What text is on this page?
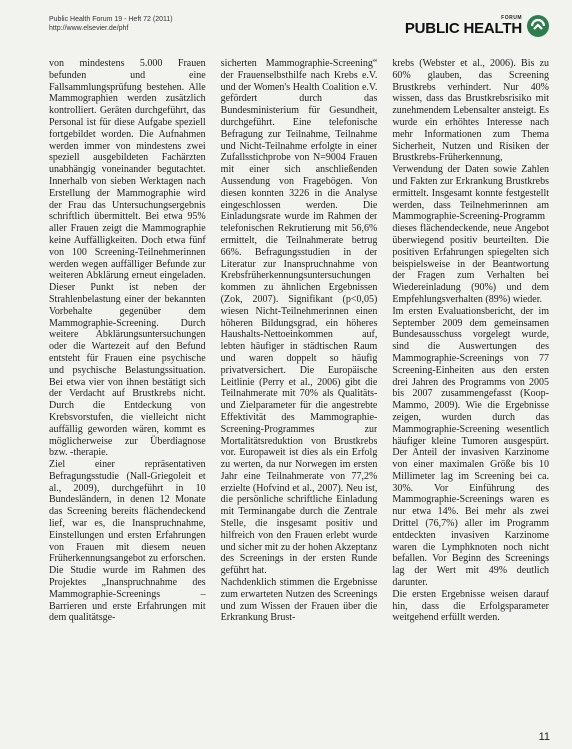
Public Health Forum 19 - Heft 72 (2011)
http://www.elsevier.de/phf
FORUM
PUBLIC HEALTH

von mindestens 5.000 Frauen befunden und eine Fallsammlungsprüfung bestehen. Alle Mammographien werden zusätzlich kontrolliert. Geräten durchgeführt, das Personal ist für diese Aufgabe speziell fortgebildet worden. Die Aufnahmen werden immer von mindestens zwei speziell ausgebildeten Fachärzten unabhängig voneinander begutachtet. Innerhalb von sieben Werktagen nach Erstellung der Mammographie wird der Frau das Untersuchungsergebnis schriftlich übermittelt. Bei etwa 95% aller Frauen zeigt die Mammographie keine Auffälligkeiten. Doch etwa fünf von 100 Screening-Teilnehmerinnen werden wegen auffälliger Befunde zur weiteren Abklärung erneut eingeladen. Dieser Punkt ist neben der Strahlenbelastung einer der bekannten Vorbehalte gegenüber dem Mammographie-Screening. Durch weitere Abklärungsuntersuchungen oder die Wartezeit auf den Befund entsteht für Frauen eine psychische und psychische Belastungssituation. Bei etwa vier von ihnen bestätigt sich der Verdacht auf Brustkrebs nicht. Durch die Entdeckung von Krebsvorstufen, die vielleicht nicht auffällig geworden wären, kommt es möglicherweise zur Überdiagnose bzw. -therapie.

Ziel einer repräsentativen Befragungsstudie (Nall-Griegoleit et al., 2009), durchgeführt in 10 Bundesländern, in denen 12 Monate das Screening bereits flächendeckend lief, war es, die Inanspruchnahme, Einstellungen und ersten Erfahrungen von Frauen mit diesem neuen Früherkennungsangebot zu erforschen. Die Studie wurde im Rahmen des Projektes „Inanspruchnahme des Mammographie-Screenings – Barrieren und erste Erfahrungen mit dem qualitätsge-

sicherten Mammographie-Screening“ der Frauenselbsthilfe nach Krebs e.V. und der Women's Health Coalition e.V. gefördert durch das Bundesministerium für Gesundheit, durchgeführt. Eine telefonische Befragung zur Teilnahme, Teilnahme und Nicht-Teilnahme erfolgte in einer Zufallsstichprobe von N=9004 Frauen mit einer sich anschließenden Aussendung von Fragebögen. Von diesen konnten 3226 in die Analyse eingeschlossen werden. Die Einladungsrate wurde im Rahmen der telefonischen Rekrutierung mit 56,6% ermittelt, die Teilnahmerate betrug 66%. Befragungsstudien in der Literatur zur Inanspruchnahme von Krebsfrüherkennungsuntersuchungen kommen zu ähnlichen Ergebnissen (Zok, 2007). Signifikant (p<0,05) wiesen Nicht-Teilnehmerinnen einen höheren Bildungsgrad, ein höheres Haushalts-Nettoeinkommen auf, lebten häufiger in städtischen Raum und waren doppelt so häufig privatversichert. Die Europäische Leitlinie (Perry et al., 2006) gibt die Teilnahmerate mit 70% als Qualitäts- und Zielparameter für die angestrebte Effektivität des Mammographie-Screening-Programmes zur Mortalitätsreduktion von Brustkrebs vor. Europaweit ist dies als ein Erfolg zu werten, da nur Norwegen im ersten Jahr eine Teilnahmerate von 77,2% erzielte (Hofvind et al., 2007). Neu ist, die persönliche schriftliche Einladung mit Terminangabe durch die Zentrale Stelle, die insgesamt positiv und hilfreich von den Frauen erlebt wurde und sicher mit zu der hohen Akzeptanz des Screenings in der ersten Runde geführt hat.

Nachdenklich stimmen die Ergebnisse zum erwarteten Nutzen des Screenings und zum Wissen der Frauen über die Erkrankung Brust-

krebs (Webster et al., 2006). Bis zu 60% glauben, das Screening Brustkrebs verhindert. Nur 40% wissen, dass das Brustkrebsrisiko mit zunehmendem Lebensalter ansteigt. Es wurde ein erhöhtes Interesse nach mehr Informationen zum Thema Sicherheit, Nutzen und Risiken der Brustkrebs-Früherkennung, Verwendung der Daten sowie Zahlen und Fakten zur Erkrankung Brustkrebs ermittelt. Insgesamt konnte festgestellt werden, dass Teilnehmerinnen am Mammographie-Screening-Programm dieses flächendeckende, neue Angebot überwiegend positiv beurteilten. Die positiven Erfahrungen spiegelten sich beispielsweise in der Beantwortung der Fragen zum Verhalten bei Wiedereinladung (90%) und dem Empfehlungsverhalten (89%) wieder.

Im ersten Evaluationsbericht, der im September 2009 dem gemeinsamen Bundesausschuss vorgelegt wurde, sind die Auswertungen des Mammographie-Screenings von 77 Screening-Einheiten aus den ersten drei Jahren des Programms von 2005 bis 2007 zusammengefasst (Koop-Mammo, 2009). Wie die Ergebnisse zeigen, wurden durch das Mammographie-Screening wesentlich häufiger kleine Tumoren ausgespürt. Der Anteil der invasiven Karzinome von einer maximalen Größe bis 10 Millimeter lag im Screening bei ca. 30%. Vor Einführung des Mammographie-Screenings waren es nur etwa 14%. Bei mehr als zwei Drittel (76,7%) aller im Programm entdeckten invasiven Karzinome waren die Lymphknoten noch nicht befallen. Vor Beginn des Screenings lag der Wert mit 49% deutlich darunter.

Die ersten Ergebnisse weisen darauf hin, dass die Erfolgsparameter weitgehend erfüllt werden.

11
